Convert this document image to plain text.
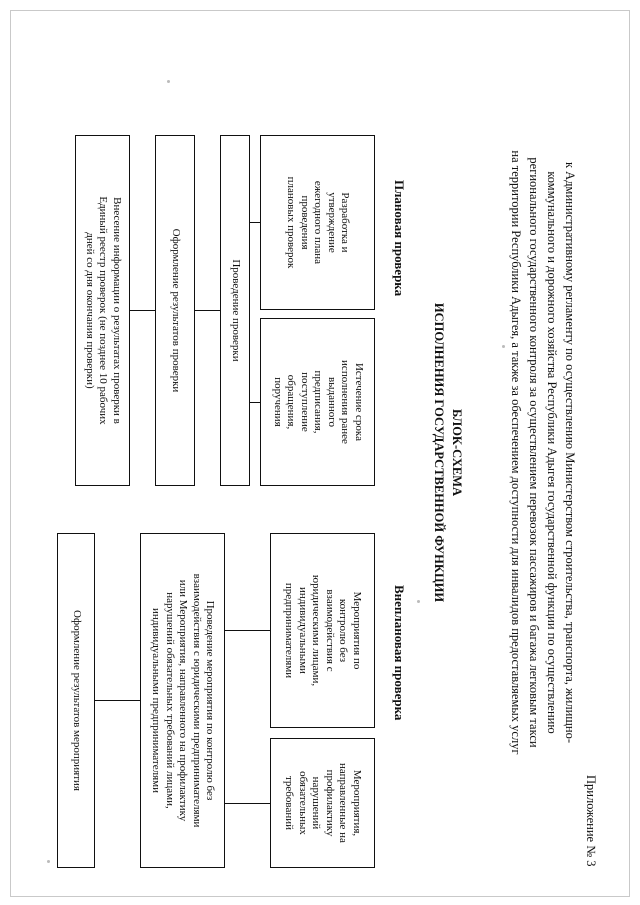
Приложение № 3
к Административному регламенту по осуществлению Министерством строительства, транспорта, жилищно-
коммунального и дорожного хозяйства Республики Адыгея государственной функции по осуществлению
регионального государственного контроля за осуществлением перевозок пассажиров и багажа легковым такси
на территории Республики Адыгея, а также за обеспечением доступности для инвалидов предоставляемых услуг
БЛОК-СХЕМА
ИСПОЛНЕНИЯ ГОСУДАРСТВЕННОЙ ФУНКЦИИ
Плановая проверка
Внеплановая проверка
Разработка и
утверждение
ежегодного плана
проведения
плановых проверок
Истечение срока
исполнения ранее
выданного
предписания,
поступление
обращения,
поручения
Проведение проверки
Оформление результатов проверки
Внесение информации о результатах проверки в
Единый реестр проверок (не позднее 10 рабочих
дней со дня окончания проверки)
Мероприятия по
контролю без
взаимодействия с
юридическими лицами,
индивидуальными
предпринимателями
Мероприятия,
направленные на
профилактику
нарушений
обязательных
требований
Проведение мероприятия по контролю без
взаимодействия с юридическими предпринимателями
или Мероприятия, направленного на профилактику
нарушений обязательных требований лицами,
индивидуальными предпринимателями
Оформление результатов мероприятия
